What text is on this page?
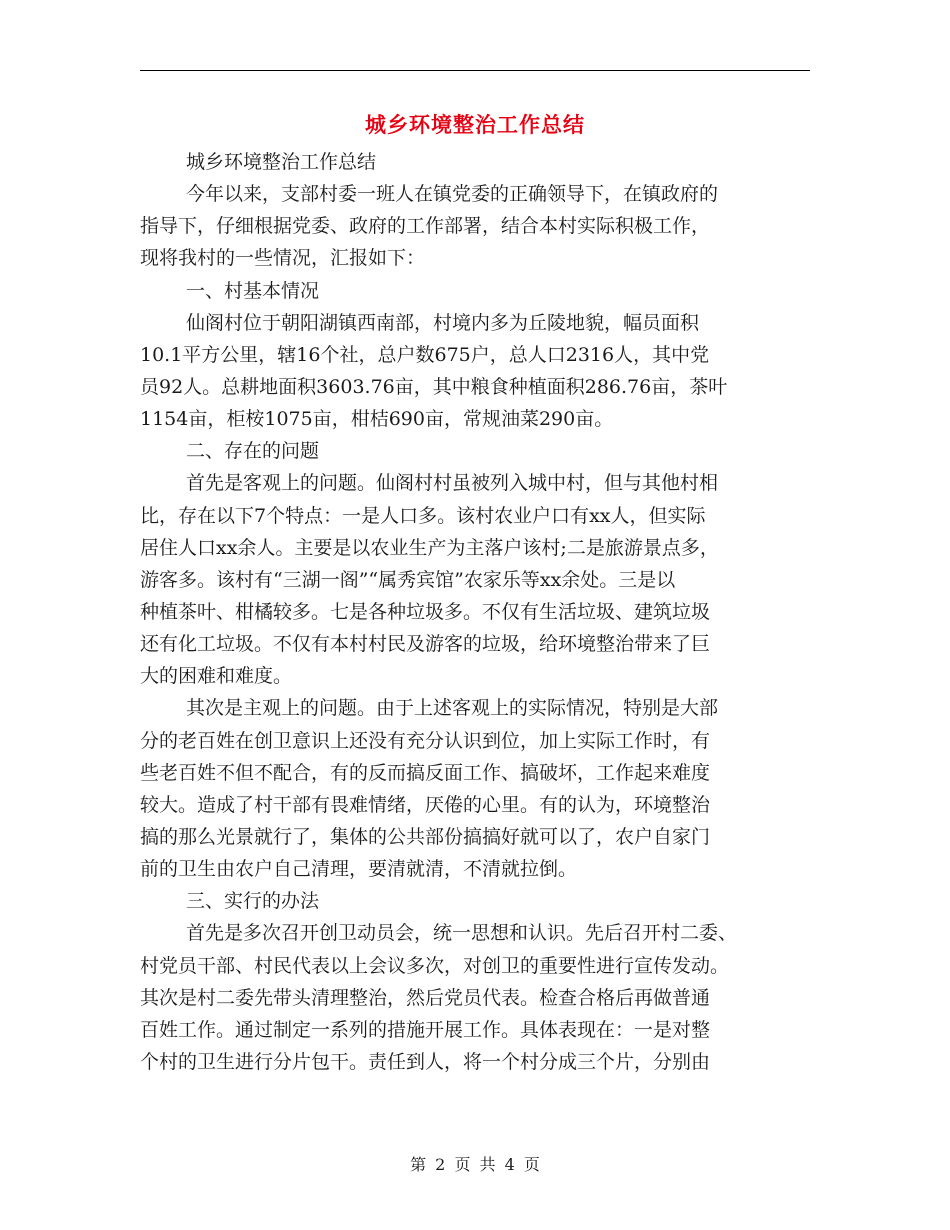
城乡环境整治工作总结
城乡环境整治工作总结
今年以来，支部村委一班人在镇党委的正确领导下，在镇政府的
指导下，仔细根据党委、政府的工作部署，结合本村实际积极工作，
现将我村的一些情况，汇报如下：
一、村基本情况
仙阁村位于朝阳湖镇西南部，村境内多为丘陵地貌，幅员面积
10.1平方公里，辖16个社，总户数675户，总人口2316人，其中党
员92人。总耕地面积3603.76亩，其中粮食种植面积286.76亩，茶叶
1154亩，柜桉1075亩，柑桔690亩，常规油菜290亩。
二、存在的问题
首先是客观上的问题。仙阁村村虽被列入城中村，但与其他村相
比，存在以下7个特点：一是人口多。该村农业户口有xx人，但实际
居住人口xx余人。主要是以农业生产为主落户该村;二是旅游景点多，
游客多。该村有“三湖一阁”“属秀宾馆”农家乐等xx余处。三是以
种植茶叶、柑橘较多。七是各种垃圾多。不仅有生活垃圾、建筑垃圾
还有化工垃圾。不仅有本村村民及游客的垃圾，给环境整治带来了巨
大的困难和难度。
其次是主观上的问题。由于上述客观上的实际情况，特别是大部
分的老百姓在创卫意识上还没有充分认识到位，加上实际工作时，有
些老百姓不但不配合，有的反而搞反面工作、搞破坏，工作起来难度
较大。造成了村干部有畏难情绪，厌倦的心里。有的认为，环境整治
搞的那么光景就行了，集体的公共部份搞搞好就可以了，农户自家门
前的卫生由农户自己清理，要清就清，不清就拉倒。
三、实行的办法
首先是多次召开创卫动员会，统一思想和认识。先后召开村二委、
村党员干部、村民代表以上会议多次，对创卫的重要性进行宣传发动。
其次是村二委先带头清理整治，然后党员代表。检查合格后再做普通
百姓工作。通过制定一系列的措施开展工作。具体表现在：一是对整
个村的卫生进行分片包干。责任到人，将一个村分成三个片，分别由
第 2 页 共 4 页
